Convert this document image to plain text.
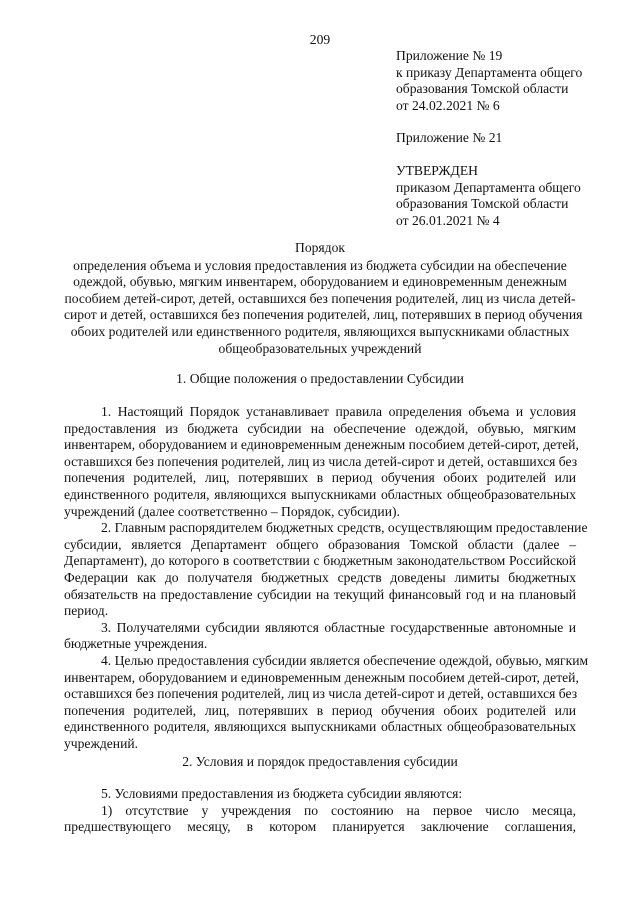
209
Приложение № 19
к приказу Департамента общего
образования Томской области
от 24.02.2021 № 6
Приложение № 21
УТВЕРЖДЕН
приказом Департамента общего
образования Томской области
от 26.01.2021 № 4
Порядок
определения объема и условия предоставления из бюджета субсидии на обеспечение
одеждой, обувью, мягким инвентарем, оборудованием и единовременным денежным
пособием детей-сирот, детей, оставшихся без попечения родителей, лиц из числа детей-
сирот и детей, оставшихся без попечения родителей, лиц, потерявших в период обучения
обоих родителей или единственного родителя, являющихся выпускниками областных
общеобразовательных учреждений
1. Общие положения о предоставлении Субсидии
1. Настоящий Порядок устанавливает правила определения объема и условия
предоставления из бюджета субсидии на обеспечение одеждой, обувью, мягким
инвентарем, оборудованием и единовременным денежным пособием детей-сирот, детей,
оставшихся без попечения родителей, лиц из числа детей-сирот и детей, оставшихся без
попечения родителей, лиц, потерявших в период обучения обоих родителей или
единственного родителя, являющихся выпускниками областных общеобразовательных
учреждений (далее соответственно – Порядок, субсидии).
2. Главным распорядителем бюджетных средств, осуществляющим предоставление
субсидии, является Департамент общего образования Томской области (далее –
Департамент), до которого в соответствии с бюджетным законодательством Российской
Федерации как до получателя бюджетных средств доведены лимиты бюджетных
обязательств на предоставление субсидии на текущий финансовый год и на плановый
период.
3. Получателями субсидии являются областные государственные автономные и
бюджетные учреждения.
4. Целью предоставления субсидии является обеспечение одеждой, обувью, мягким
инвентарем, оборудованием и единовременным денежным пособием детей-сирот, детей,
оставшихся без попечения родителей, лиц из числа детей-сирот и детей, оставшихся без
попечения родителей, лиц, потерявших в период обучения обоих родителей или
единственного родителя, являющихся выпускниками областных общеобразовательных
учреждений.
2. Условия и порядок предоставления субсидии
5. Условиями предоставления из бюджета субсидии являются:
1) отсутствие у учреждения по состоянию на первое число месяца,
предшествующего месяцу, в котором планируется заключение соглашения,
